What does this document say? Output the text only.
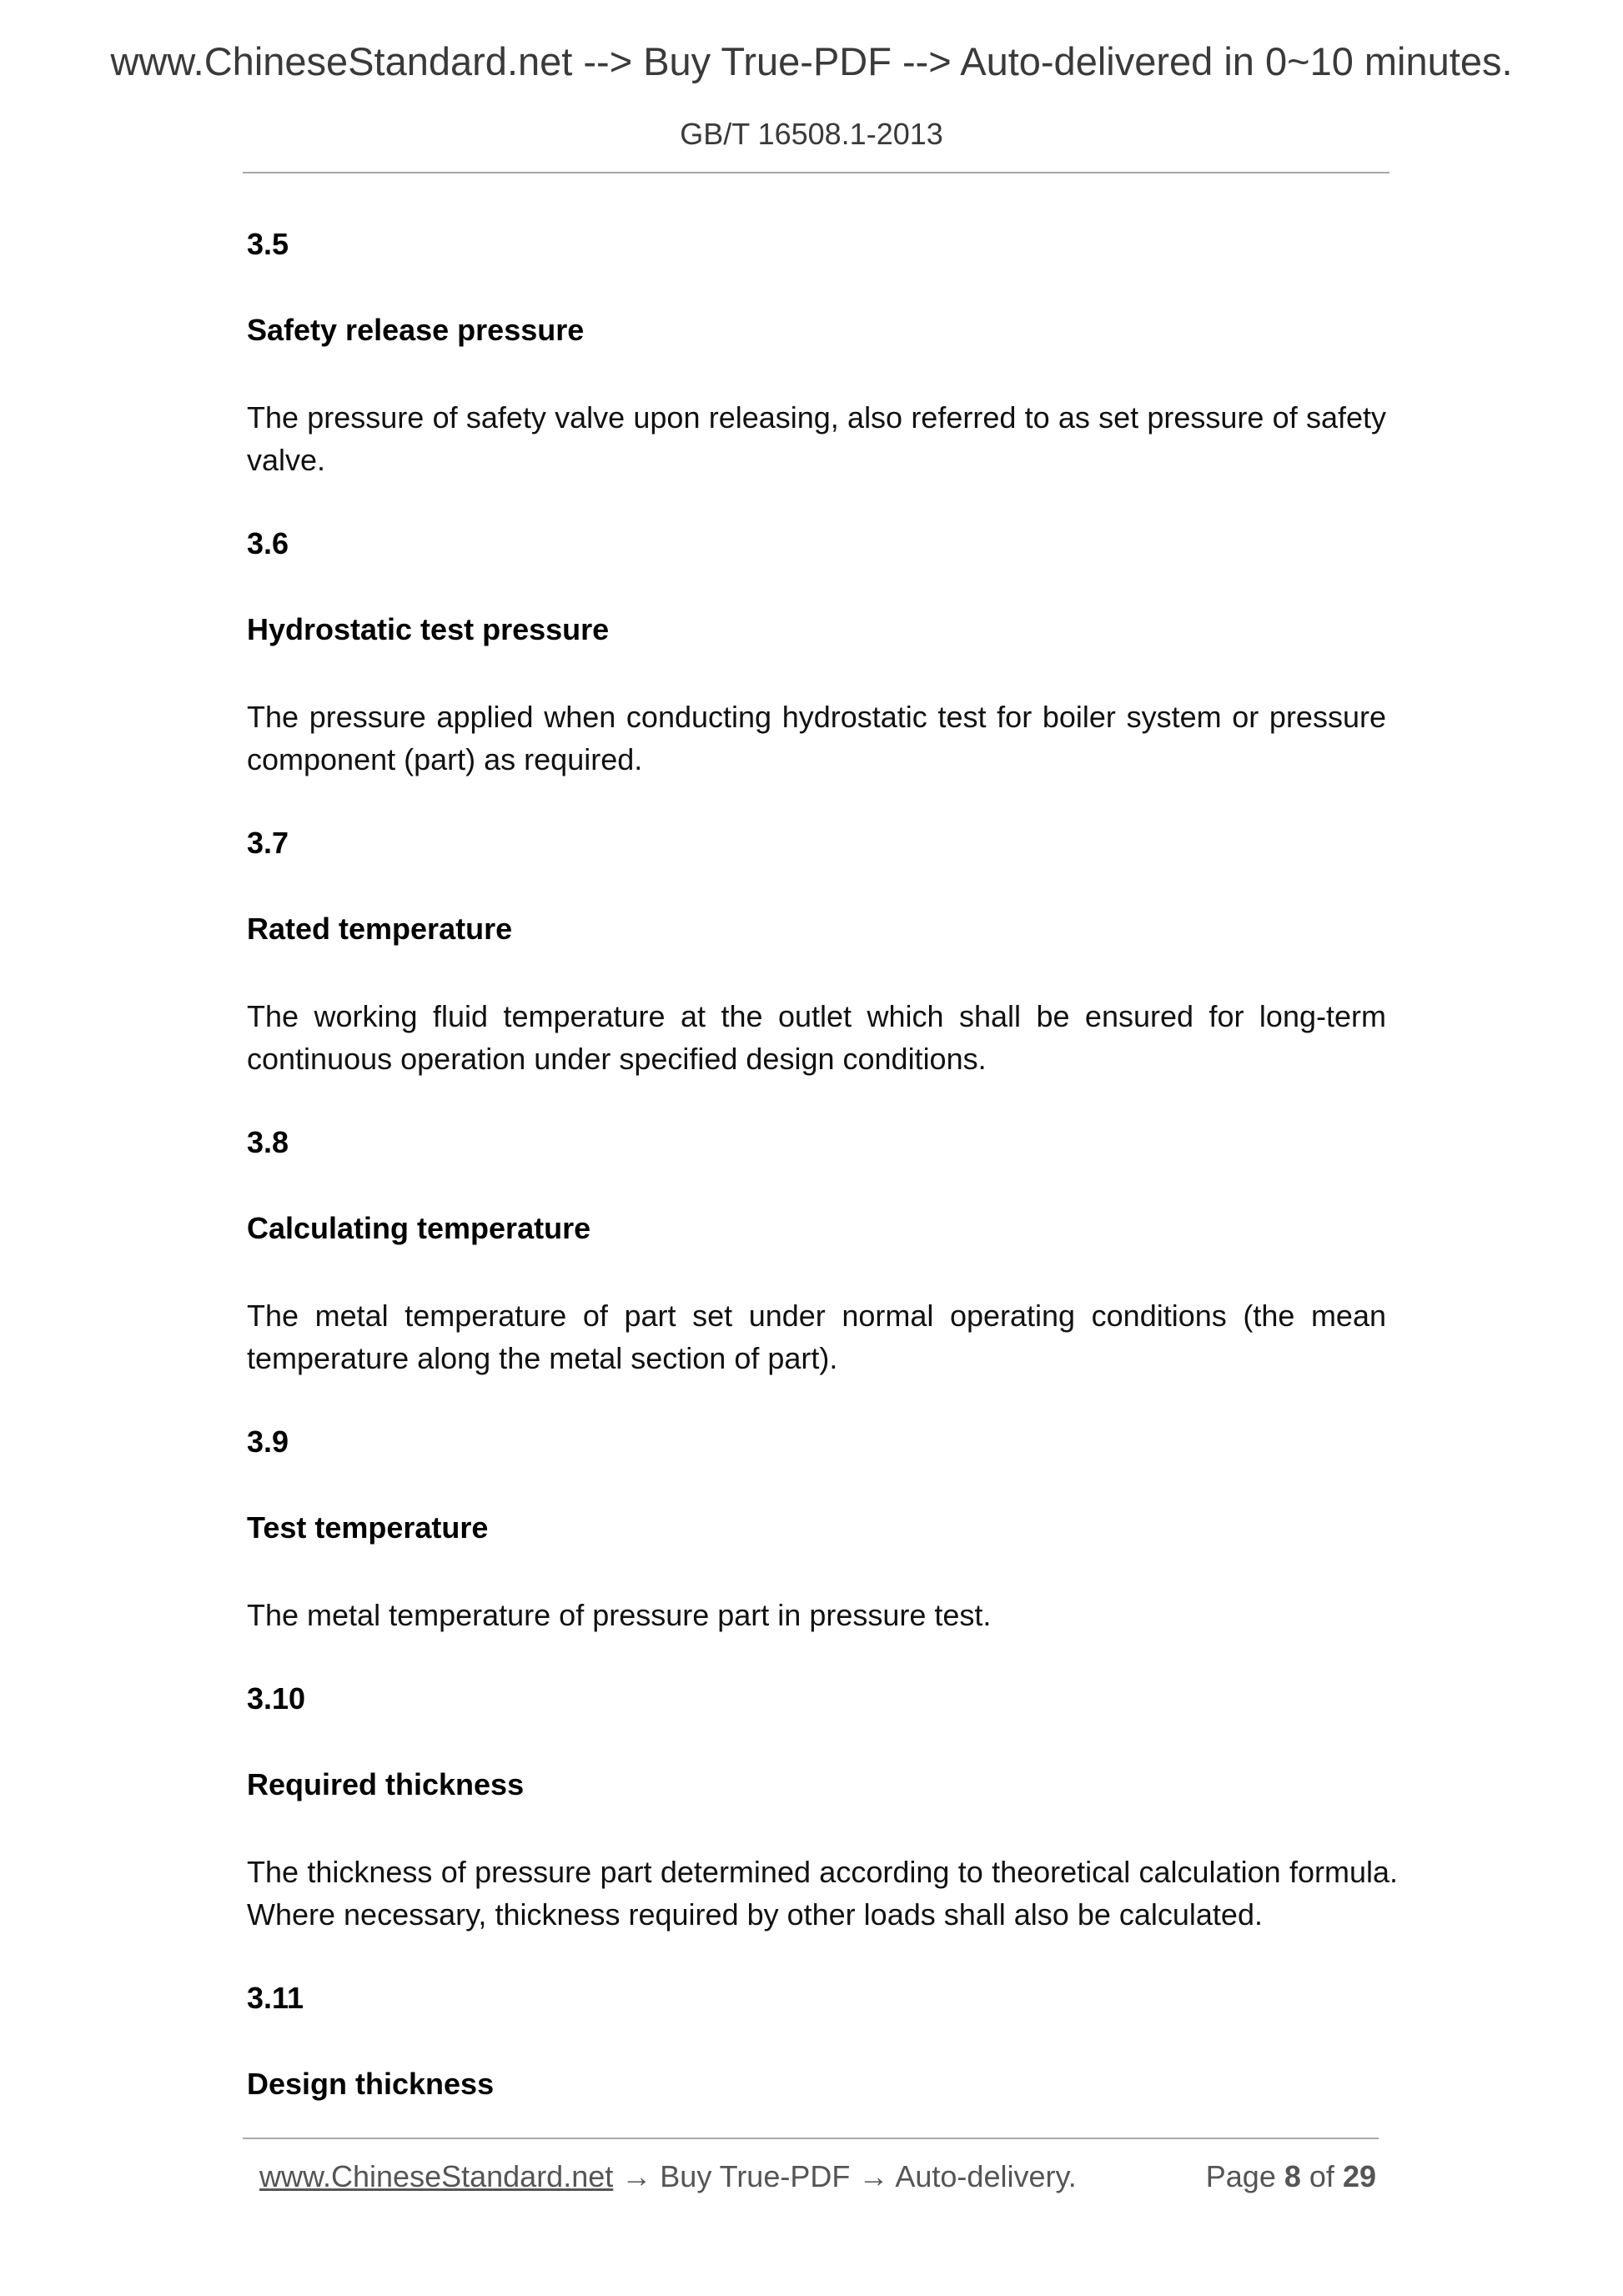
www.ChineseStandard.net --> Buy True-PDF --> Auto-delivered in 0~10 minutes.
GB/T 16508.1-2013
3.5
Safety release pressure
The pressure of safety valve upon releasing, also referred to as set pressure of safety valve.
3.6
Hydrostatic test pressure
The pressure applied when conducting hydrostatic test for boiler system or pressure component (part) as required.
3.7
Rated temperature
The working fluid temperature at the outlet which shall be ensured for long-term continuous operation under specified design conditions.
3.8
Calculating temperature
The metal temperature of part set under normal operating conditions (the mean temperature along the metal section of part).
3.9
Test temperature
The metal temperature of pressure part in pressure test.
3.10
Required thickness
The thickness of pressure part determined according to theoretical calculation formula. Where necessary, thickness required by other loads shall also be calculated.
3.11
Design thickness
www.ChineseStandard.net → Buy True-PDF → Auto-delivery.	Page 8 of 29
